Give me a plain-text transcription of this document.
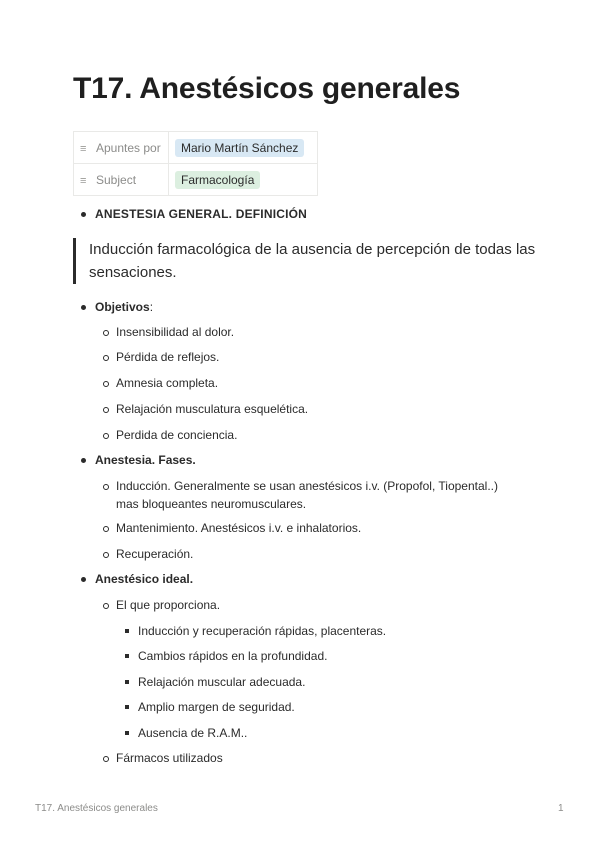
T17. Anestésicos generales
≡ Apuntes por	Mario Martín Sánchez
≡ Subject	Farmacología
ANESTESIA GENERAL. DEFINICIÓN
Inducción farmacológica de la ausencia de percepción de todas las sensaciones.
Objetivos:
Insensibilidad al dolor.
Pérdida de reflejos.
Amnesia completa.
Relajación musculatura esquelética.
Perdida de conciencia.
Anestesia. Fases.
Inducción. Generalmente se usan anestésicos i.v. (Propofol, Tiopental..)
mas bloqueantes neuromusculares.
Mantenimiento. Anestésicos i.v. e inhalatorios.
Recuperación.
Anestésico ideal.
El que proporciona.
Inducción y recuperación rápidas, placenteras.
Cambios rápidos en la profundidad.
Relajación muscular adecuada.
Amplio margen de seguridad.
Ausencia de R.A.M..
Fármacos utilizados
T17. Anestésicos generales	1
